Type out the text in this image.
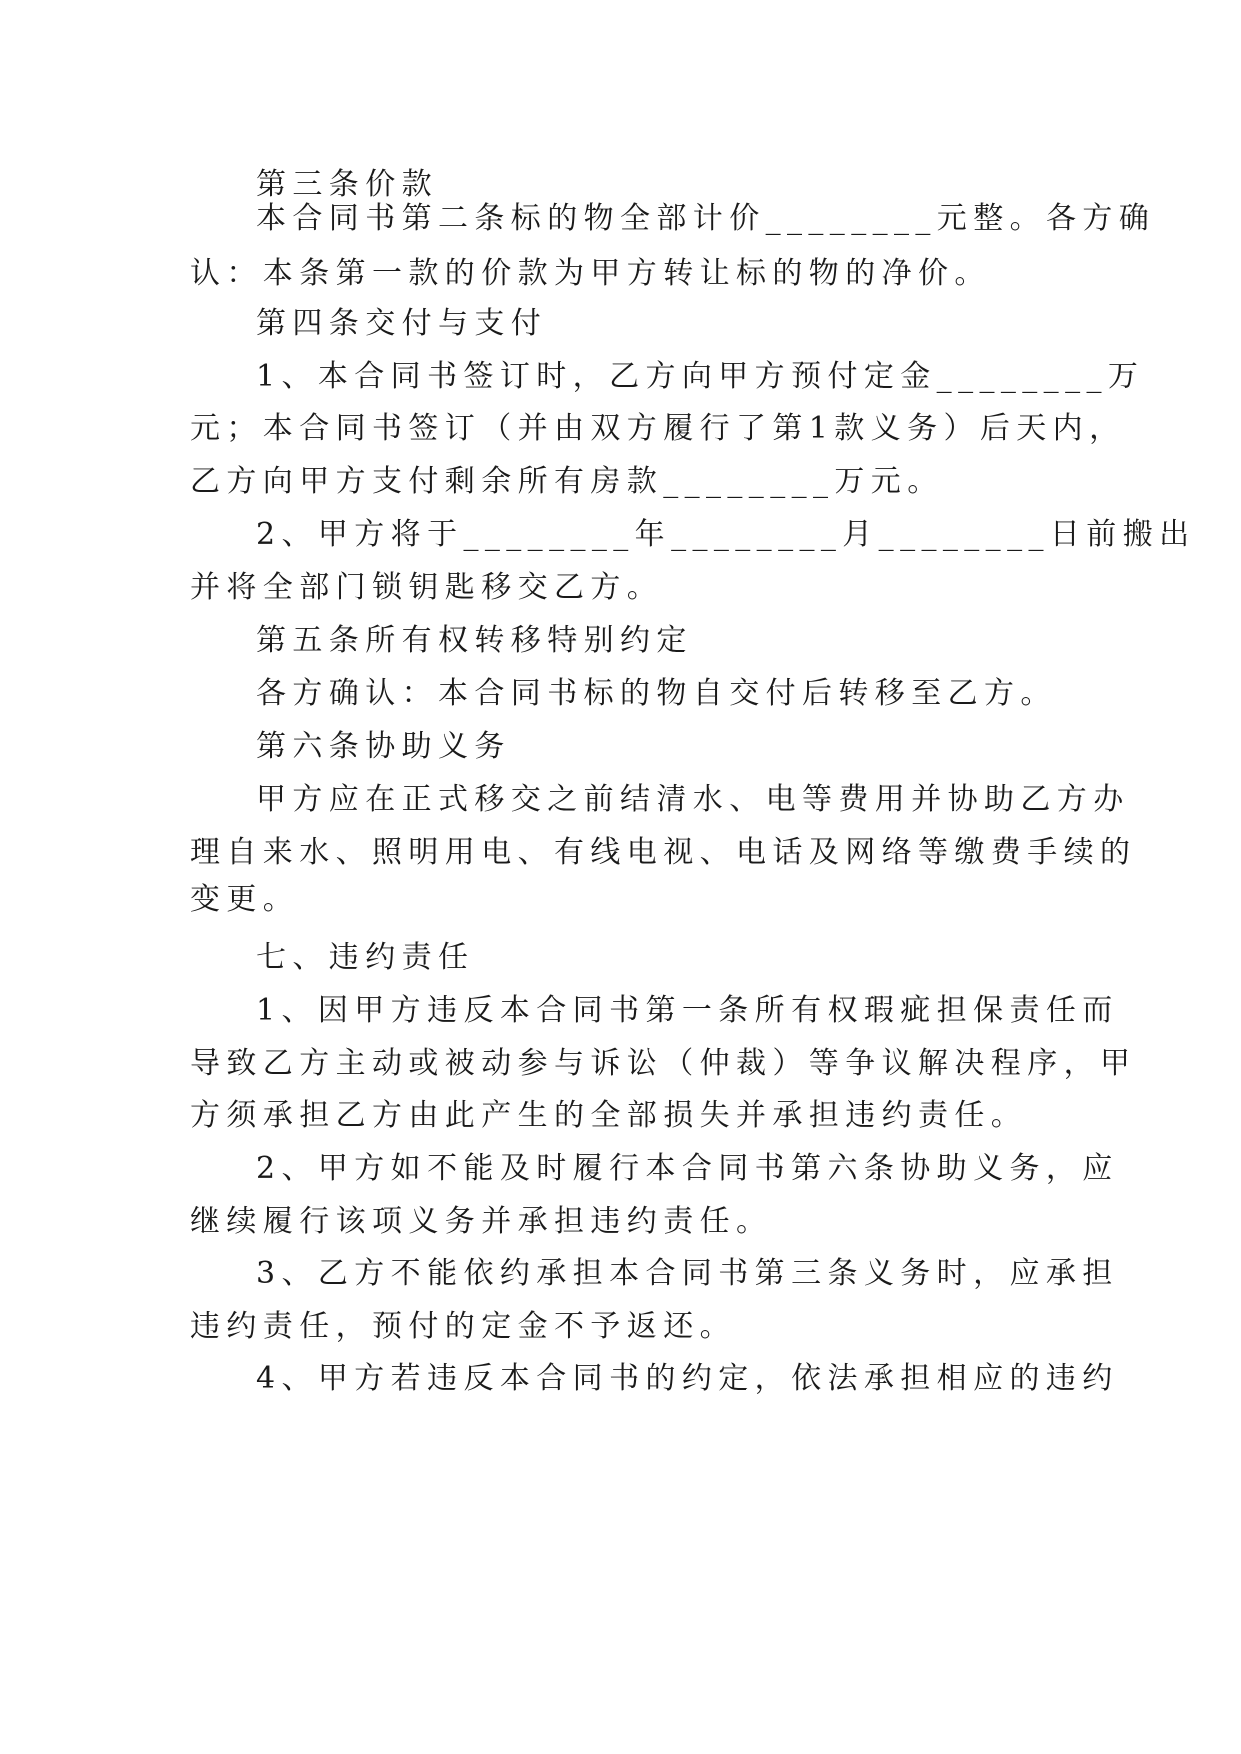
第三条价款
本合同书第二条标的物全部计价________元整。各方确
认：本条第一款的价款为甲方转让标的物的净价。
第四条交付与支付
1、本合同书签订时，乙方向甲方预付定金________万
元；本合同书签订（并由双方履行了第1款义务）后天内，
乙方向甲方支付剩余所有房款________万元。
2、甲方将于________年________月________日前搬出
并将全部门锁钥匙移交乙方。
第五条所有权转移特别约定
各方确认：本合同书标的物自交付后转移至乙方。
第六条协助义务
甲方应在正式移交之前结清水、电等费用并协助乙方办
理自来水、照明用电、有线电视、电话及网络等缴费手续的
变更。
七、违约责任
1、因甲方违反本合同书第一条所有权瑕疵担保责任而
导致乙方主动或被动参与诉讼（仲裁）等争议解决程序，甲
方须承担乙方由此产生的全部损失并承担违约责任。
2、甲方如不能及时履行本合同书第六条协助义务，应
继续履行该项义务并承担违约责任。
3、乙方不能依约承担本合同书第三条义务时，应承担
违约责任，预付的定金不予返还。
4、甲方若违反本合同书的约定，依法承担相应的违约
